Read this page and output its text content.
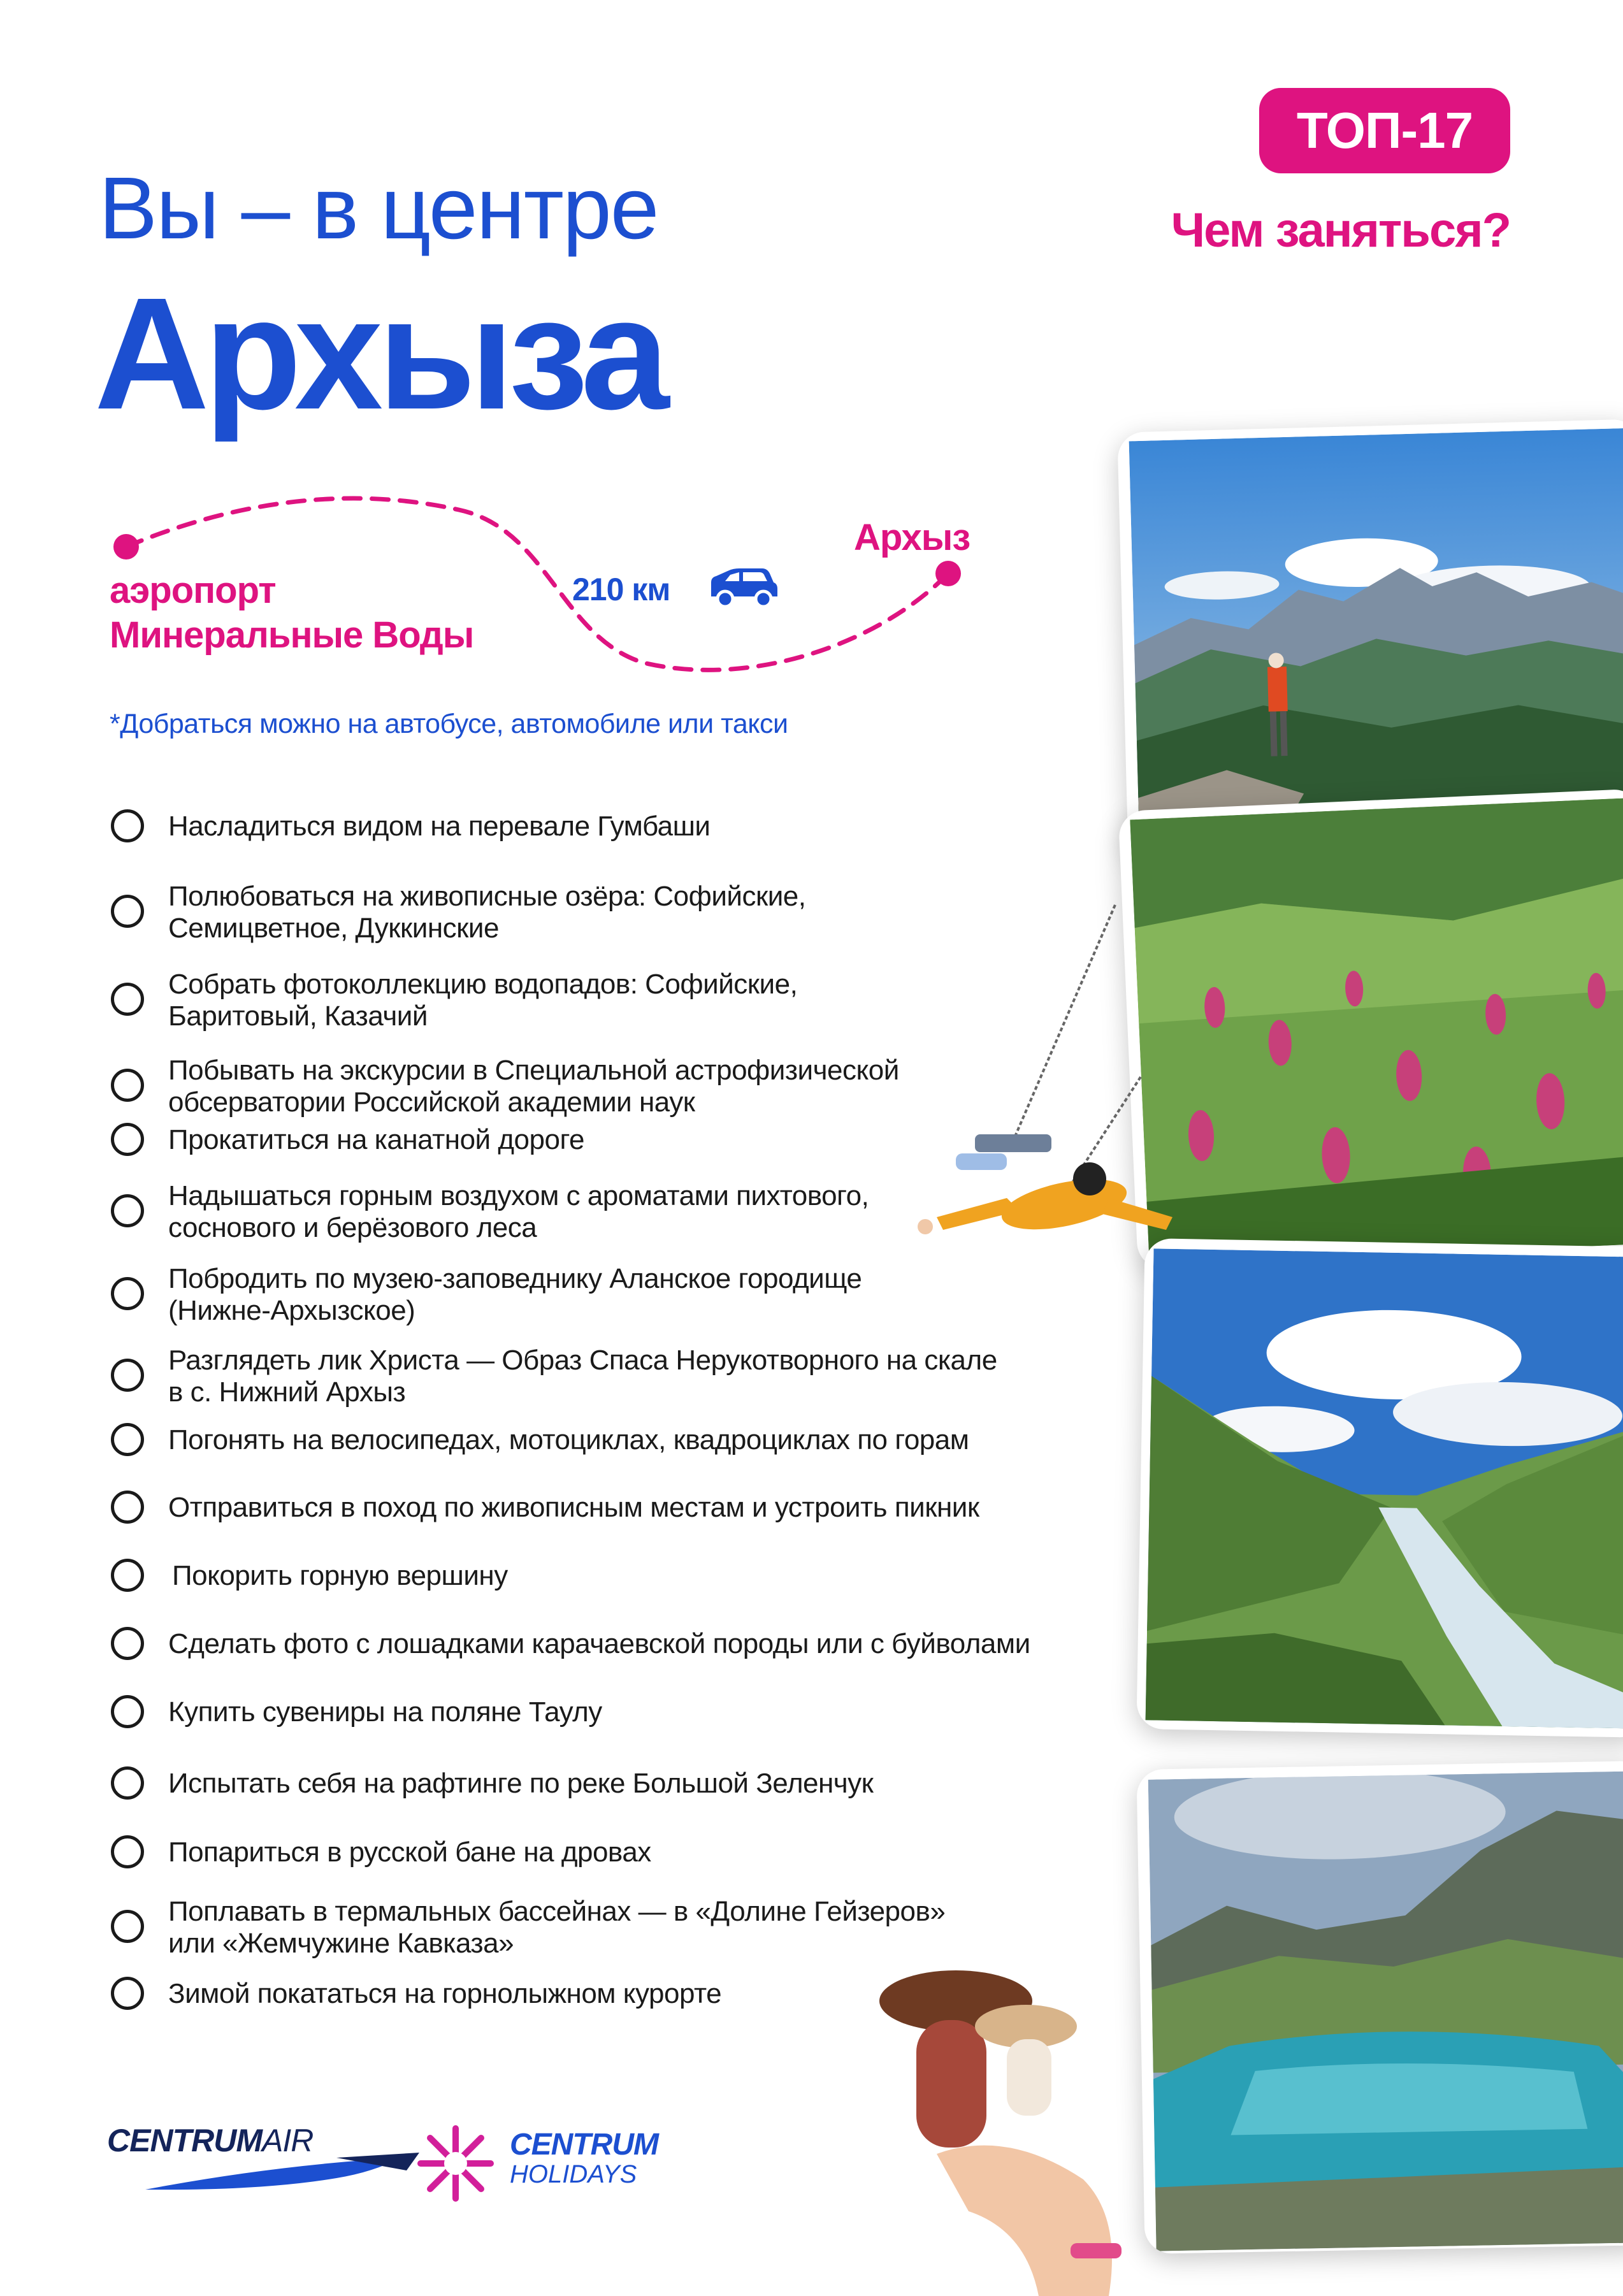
Вы – в центре
Архыза
ТОП-17
Чем заняться?
аэропорт
Минеральные Воды
Архыз
210 км
*Добраться можно на автобусе, автомобиле или такси
Насладиться видом на перевале Гумбаши
Полюбоваться на живописные озёра: Софийские,
Семицветное, Дуккинские
Собрать фотоколлекцию водопадов: Софийские,
Баритовый, Казачий
Побывать на экскурсии в Специальной астрофизической
обсерватории Российской академии наук
Прокатиться на канатной дороге
Надышаться горным воздухом с ароматами пихтового,
соснового и берёзового леса
Побродить по музею-заповеднику Аланское городище
(Нижне-Архызское)
Разглядеть лик Христа — Образ Спаса Нерукотворного на скале
в с. Нижний Архыз
Погонять на велосипедах, мотоциклах, квадроциклах по горам
Отправиться в поход по живописным местам и устроить пикник
Покорить горную вершину
Сделать фото с лошадками карачаевской породы или с буйволами
Купить сувениры на поляне Таулу
Испытать себя на рафтинге по реке Большой Зеленчук
Попариться в русской бане на дровах
Поплавать в термальных бассейнах — в «Долине Гейзеров»
или «Жемчужине Кавказа»
Зимой покататься на горнолыжном курорте
CENTRUMAIR	CENTRUM
HOLIDAYS
